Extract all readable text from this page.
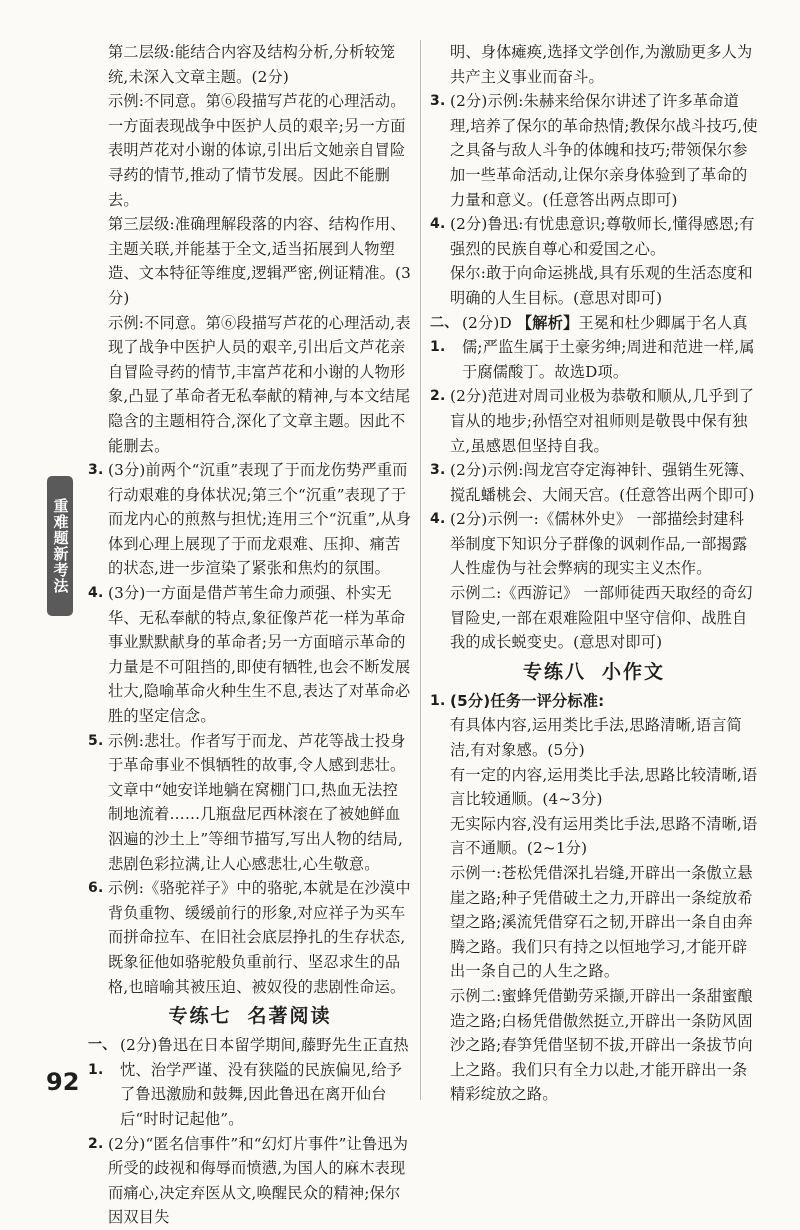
重难题新考法

第二层级:能结合内容及结构分析,分析较笼统,未深入文章主题。(2分)

示例:不同意。第⑥段描写芦花的心理活动。一方面表现战争中医护人员的艰辛;另一方面表明芦花对小谢的体谅,引出后文她亲自冒险寻药的情节,推动了情节发展。因此不能删去。

第三层级:准确理解段落的内容、结构作用、主题关联,并能基于全文,适当拓展到人物塑造、文本特征等维度,逻辑严密,例证精准。(3分)

示例:不同意。第⑥段描写芦花的心理活动,表现了战争中医护人员的艰辛,引出后文芦花亲自冒险寻药的情节,丰富芦花和小谢的人物形象,凸显了革命者无私奉献的精神,与本文结尾隐含的主题相符合,深化了文章主题。因此不能删去。

3. (3分)前两个“沉重”表现了于而龙伤势严重而行动艰难的身体状况;第三个“沉重”表现了于而龙内心的煎熬与担忧;连用三个“沉重”,从身体到心理上展现了于而龙艰难、压抑、痛苦的状态,进一步渲染了紧张和焦灼的氛围。
4. (3分)一方面是借芦苇生命力顽强、朴实无华、无私奉献的特点,象征像芦花一样为革命事业默默献身的革命者;另一方面暗示革命的力量是不可阻挡的,即使有牺牲,也会不断发展壮大,隐喻革命火种生生不息,表达了对革命必胜的坚定信念。
5. 示例:悲壮。作者写于而龙、芦花等战士投身于革命事业不惧牺牲的故事,令人感到悲壮。文章中“她安详地躺在窝棚门口,热血无法控制地流着……几瓶盘尼西林滚在了被她鲜血泅遍的沙土上”等细节描写,写出人物的结局,悲剧色彩拉满,让人心感悲壮,心生敬意。
6. 示例:《骆驼祥子》中的骆驼,本就是在沙漠中背负重物、缓缓前行的形象,对应祥子为买车而拼命拉车、在旧社会底层挣扎的生存状态,既象征他如骆驼般负重前行、坚忍求生的品格,也暗喻其被压迫、被奴役的悲剧性命运。
专练七 名著阅读
一、1.
(2分)鲁迅在日本留学期间,藤野先生正直热忱、治学严谨、没有狭隘的民族偏见,给予了鲁迅激励和鼓舞,因此鲁迅在离开仙台后“时时记起他”。
2. (2分)“匿名信事件”和“幻灯片事件”让鲁迅为所受的歧视和侮辱而愤懑,为国人的麻木表现而痛心,决定弃医从文,唤醒民众的精神;保尔因双目失

明、身体瘫痪,选择文学创作,为激励更多人为共产主义事业而奋斗。

3. (2分)示例:朱赫来给保尔讲述了许多革命道理,培养了保尔的革命热情;教保尔战斗技巧,使之具备与敌人斗争的体魄和技巧;带领保尔参加一些革命活动,让保尔亲身体验到了革命的力量和意义。(任意答出两点即可)
4. (2分)鲁迅:有忧患意识;尊敬师长,懂得感恩;有强烈的民族自尊心和爱国之心。
保尔:敢于向命运挑战,具有乐观的生活态度和明确的人生目标。(意思对即可)
二、1.
(2分)D 【解析】王冕和杜少卿属于名人真儒;严监生属于土豪劣绅;周进和范进一样,属于腐儒酸丁。故选D项。
2. (2分)范进对周司业极为恭敬和顺从,几乎到了盲从的地步;孙悟空对祖师则是敬畏中保有独立,虽感恩但坚持自我。
3. (2分)示例:闯龙宫夺定海神针、强销生死簿、搅乱蟠桃会、大闹天宫。(任意答出两个即可)
4. (2分)示例一:《儒林外史》 一部描绘封建科举制度下知识分子群像的讽刺作品,一部揭露人性虚伪与社会弊病的现实主义杰作。
示例二:《西游记》 一部师徒西天取经的奇幻冒险史,一部在艰难险阻中坚守信仰、战胜自我的成长蜕变史。(意思对即可)
专练八 小作文
1. (5分)任务一评分标准:

有具体内容,运用类比手法,思路清晰,语言简洁,有对象感。(5分)

有一定的内容,运用类比手法,思路比较清晰,语言比较通顺。(4~3分)

无实际内容,没有运用类比手法,思路不清晰,语言不通顺。(2~1分)

示例一:苍松凭借深扎岩缝,开辟出一条傲立悬崖之路;种子凭借破土之力,开辟出一条绽放希望之路;溪流凭借穿石之韧,开辟出一条自由奔腾之路。我们只有持之以恒地学习,才能开辟出一条自己的人生之路。

示例二:蜜蜂凭借勤劳采撷,开辟出一条甜蜜酿造之路;白杨凭借傲然挺立,开辟出一条防风固沙之路;春笋凭借坚韧不拔,开辟出一条拔节向上之路。我们只有全力以赴,才能开辟出一条精彩绽放之路。

92
